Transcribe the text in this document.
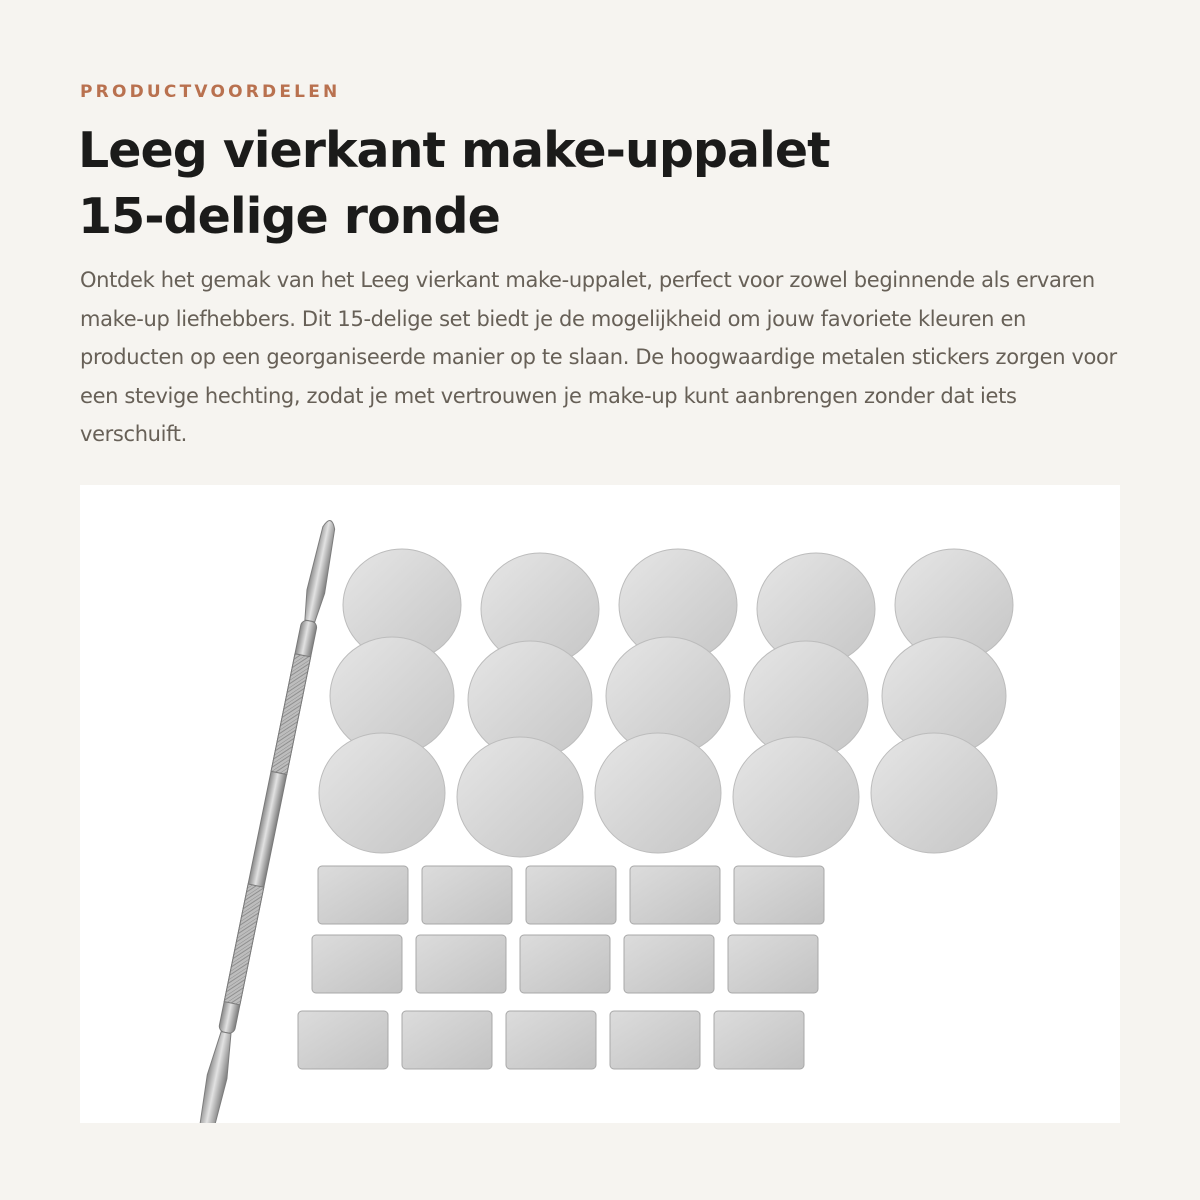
PRODUCTVOORDELEN

Leeg vierkant make-uppalet 15-delige ronde

Ontdek het gemak van het Leeg vierkant make-uppalet, perfect voor zowel beginnende als ervaren make-up liefhebbers. Dit 15-delige set biedt je de mogelijkheid om jouw favoriete kleuren en producten op een georganiseerde manier op te slaan. De hoogwaardige metalen stickers zorgen voor een stevige hechting, zodat je met vertrouwen je make-up kunt aanbrengen zonder dat iets verschuift.
